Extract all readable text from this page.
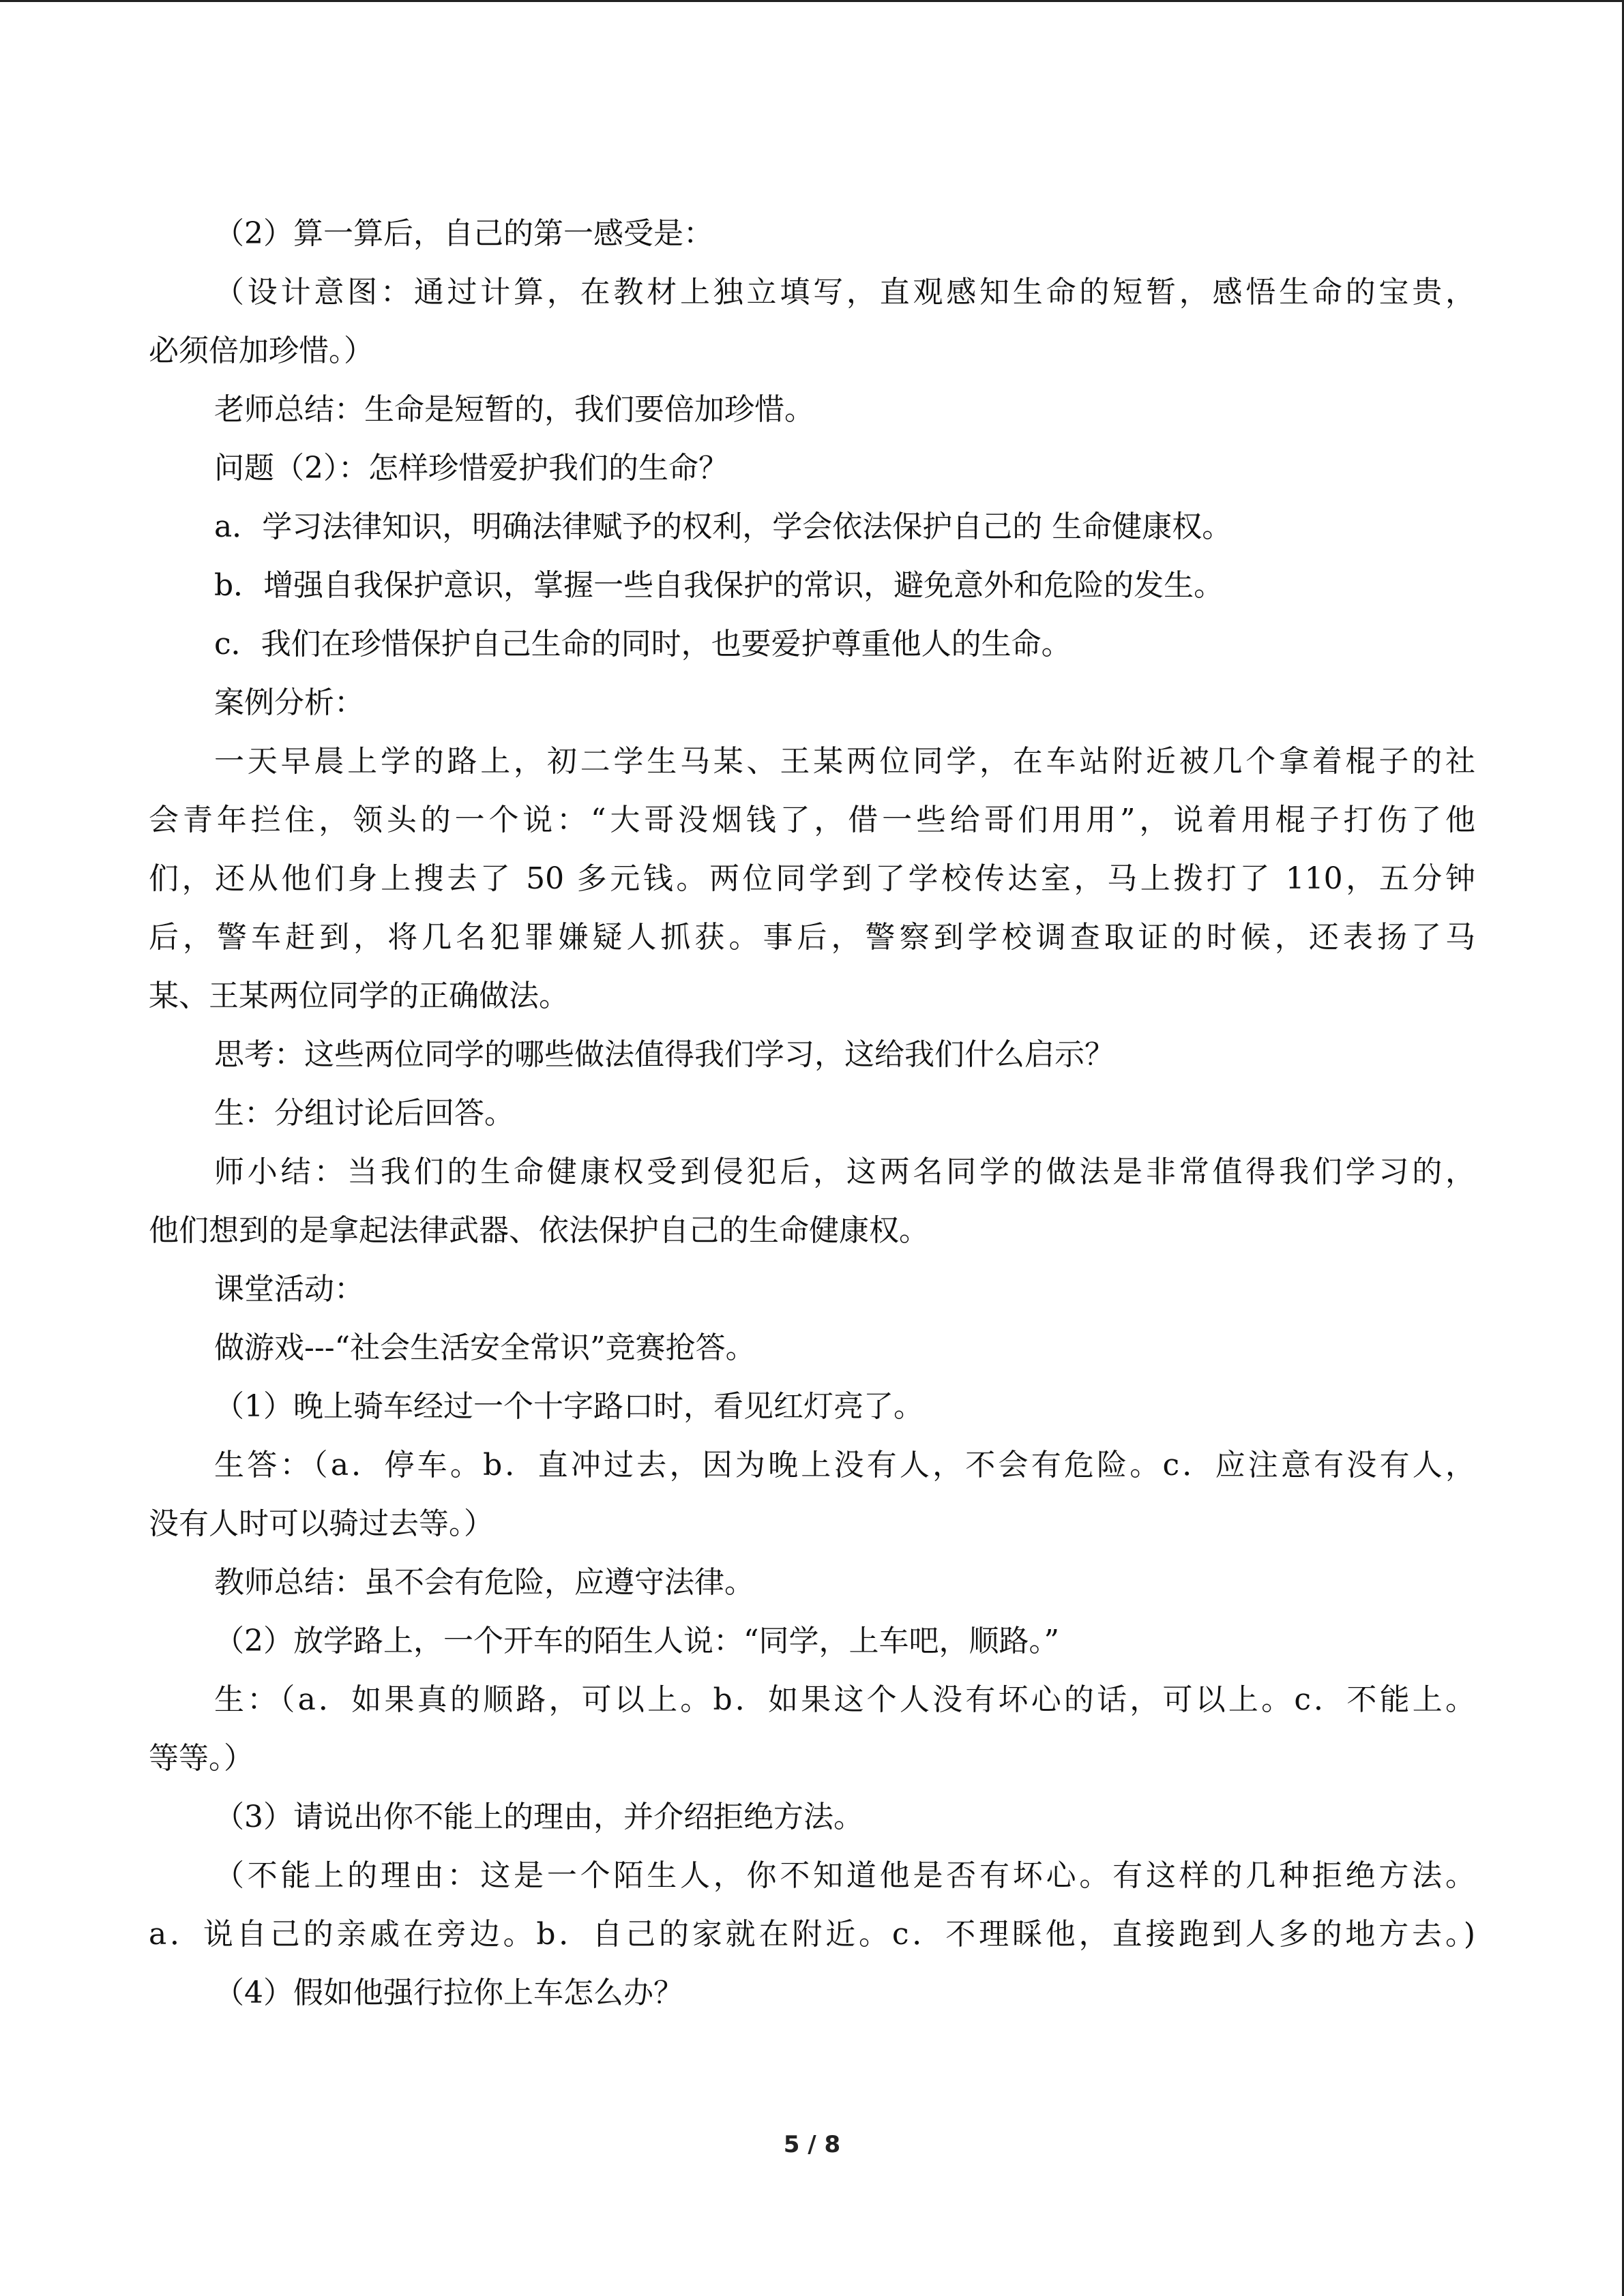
（2）算一算后，自己的第一感受是：
（设计意图：通过计算，在教材上独立填写，直观感知生命的短暂，感悟生命的宝贵，
必须倍加珍惜。）
老师总结：生命是短暂的，我们要倍加珍惜。
问题（2）：怎样珍惜爱护我们的生命？
a．学习法律知识，明确法律赋予的权利，学会依法保护自己的 生命健康权。
b．增强自我保护意识，掌握一些自我保护的常识，避免意外和危险的发生。
c．我们在珍惜保护自己生命的同时，也要爱护尊重他人的生命。
案例分析：
一天早晨上学的路上，初二学生马某、王某两位同学，在车站附近被几个拿着棍子的社
会青年拦住，领头的一个说：“大哥没烟钱了，借一些给哥们用用”，说着用棍子打伤了他
们，还从他们身上搜去了 50 多元钱。两位同学到了学校传达室，马上拨打了 110，五分钟
后，警车赶到，将几名犯罪嫌疑人抓获。事后，警察到学校调查取证的时候，还表扬了马
某、王某两位同学的正确做法。
思考：这些两位同学的哪些做法值得我们学习，这给我们什么启示？
生：分组讨论后回答。
师小结：当我们的生命健康权受到侵犯后，这两名同学的做法是非常值得我们学习的，
他们想到的是拿起法律武器、依法保护自己的生命健康权。
课堂活动：
做游戏---“社会生活安全常识”竞赛抢答。
（1）晚上骑车经过一个十字路口时，看见红灯亮了。
生答：（a．停车。b．直冲过去，因为晚上没有人，不会有危险。c．应注意有没有人，
没有人时可以骑过去等。）
教师总结：虽不会有危险，应遵守法律。
（2）放学路上，一个开车的陌生人说：“同学，上车吧，顺路。”
生：（a．如果真的顺路，可以上。b．如果这个人没有坏心的话，可以上。c．不能上。
等等。）
（3）请说出你不能上的理由，并介绍拒绝方法。
（不能上的理由：这是一个陌生人，你不知道他是否有坏心。有这样的几种拒绝方法。
a．说自己的亲戚在旁边。b．自己的家就在附近。c．不理睬他，直接跑到人多的地方去。)
（4）假如他强行拉你上车怎么办？
5 / 8
